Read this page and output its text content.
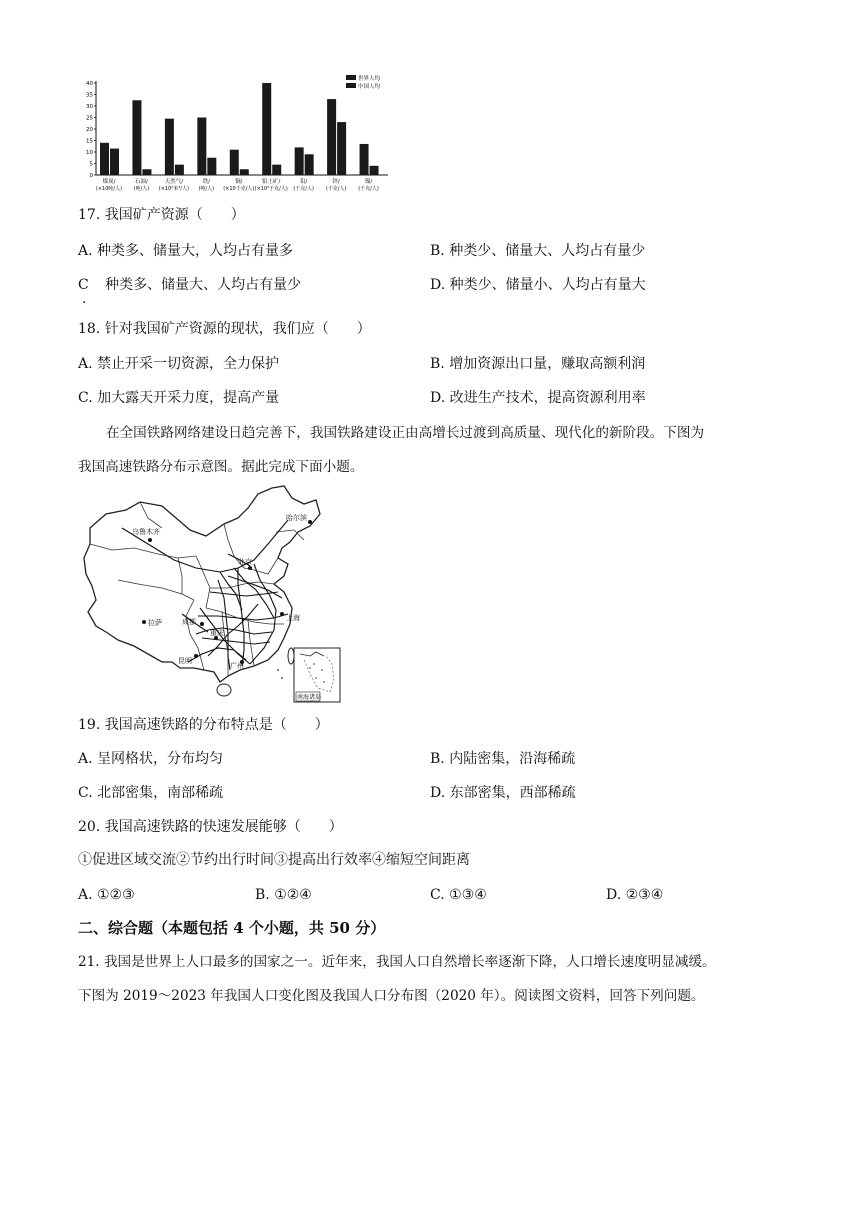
0
5
10
15
20
25
30
35
40
煤炭/
(×10吨/人)
石油/
(吨/人)
天然气/
(×10²米³/人)
铁/
(吨/人)
铜/
(×10千克/人)
铝土矿/
(×10²千克/人)
铅/
(千克/人)
锌/
(千克/人)
镍/
(千克/人)
世界人均
中国人均
17. 我国矿产资源（　　）
A. 种类多、储量大，人均占有量多	B. 种类少、储量大、人均占有量少
C
.
种类多、储量大、人均占有量少	D. 种类少、储量小、人均占有量大
18. 针对我国矿产资源的现状，我们应（　　）
A. 禁止开采一切资源，全力保护	B. 增加资源出口量，赚取高额利润
C. 加大露天开采力度，提高产量	D. 改进生产技术，提高资源利用率
在全国铁路网络建设日趋完善下，我国铁路建设正由高增长过渡到高质量、现代化的新阶段。下图为
我国高速铁路分布示意图。据此完成下面小题。
乌鲁木齐
哈尔滨
北京
拉萨	成都
重庆
上海
昆明
广州
南海诸岛
19. 我国高速铁路的分布特点是（　　）
A. 呈网格状，分布均匀	B. 内陆密集，沿海稀疏
C. 北部密集，南部稀疏	D. 东部密集，西部稀疏
20. 我国高速铁路的快速发展能够（　　）
①促进区域交流②节约出行时间③提高出行效率④缩短空间距离
A. ①②③	B. ①②④	C. ①③④	D. ②③④
二、综合题（本题包括 4 个小题，共 50 分）
21. 我国是世界上人口最多的国家之一。近年来，我国人口自然增长率逐渐下降，人口增长速度明显减缓。
下图为 2019～2023 年我国人口变化图及我国人口分布图（2020 年）。阅读图文资料，回答下列问题。
